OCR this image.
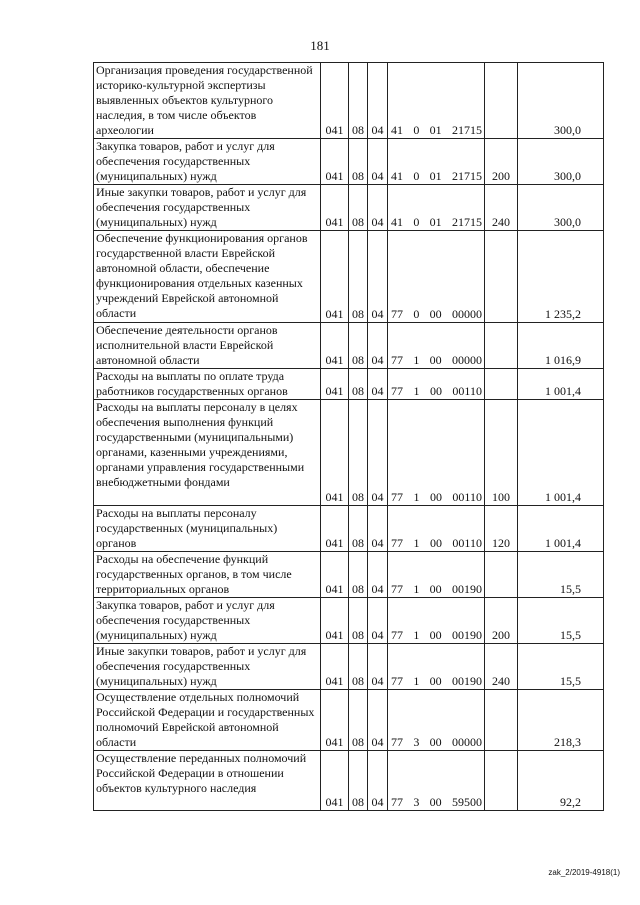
181
Организация проведения государственной историко-культурной экспертизы выявленных объектов культурного наследия, в том числе объектов археологии	041	08	04	41 0 01 21715		300,0
Закупка товаров, работ и услуг для обеспечения государственных (муниципальных) нужд	041	08	04	41 0 01 21715	200	300,0
Иные закупки товаров, работ и услуг для обеспечения государственных (муниципальных) нужд	041	08	04	41 0 01 21715	240	300,0
Обеспечение функционирования органов государственной власти Еврейской автономной области, обеспечение функционирования отдельных казенных учреждений Еврейской автономной области	041	08	04	77 0 00 00000		1 235,2
Обеспечение деятельности органов исполнительной власти Еврейской автономной области	041	08	04	77 1 00 00000		1 016,9
Расходы на выплаты по оплате труда работников государственных органов	041	08	04	77 1 00 00110		1 001,4
Расходы на выплаты персоналу в целях обеспечения выполнения функций государственными (муниципальными) органами, казенными учреждениями, органами управления государственными внебюджетными фондами	041	08	04	77 1 00 00110	100	1 001,4
Расходы на выплаты персоналу государственных (муниципальных) органов	041	08	04	77 1 00 00110	120	1 001,4
Расходы на обеспечение функций государственных органов, в том числе территориальных органов	041	08	04	77 1 00 00190		15,5
Закупка товаров, работ и услуг для обеспечения государственных (муниципальных) нужд	041	08	04	77 1 00 00190	200	15,5
Иные закупки товаров, работ и услуг для обеспечения государственных (муниципальных) нужд	041	08	04	77 1 00 00190	240	15,5
Осуществление отдельных полномочий Российской Федерации и государственных полномочий Еврейской автономной области	041	08	04	77 3 00 00000		218,3
Осуществление переданных полномочий Российской Федерации в отношении объектов культурного наследия	041	08	04	77 3 00 59500		92,2
zak_2/2019-4918(1)
